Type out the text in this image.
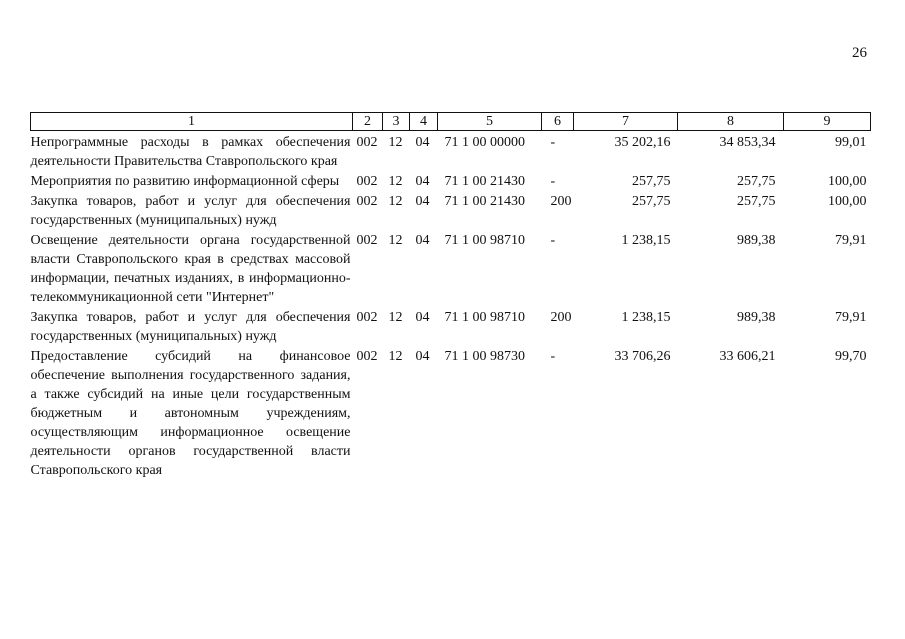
26
1	2	3	4	5	6	7	8	9
Непрограммные расходы в рамках обеспечения деятельности Правительства Ставропольского края	002	12	04	71 1 00 00000	-	35 202,16	34 853,34	99,01
Мероприятия по развитию информационной сферы	002	12	04	71 1 00 21430	-	257,75	257,75	100,00
Закупка товаров, работ и услуг для обеспечения государственных (муниципальных) нужд	002	12	04	71 1 00 21430	200	257,75	257,75	100,00
Освещение деятельности органа государственной власти Ставропольского края в средствах массовой информации, печатных изданиях, в информационно-телекоммуникационной сети "Интернет"	002	12	04	71 1 00 98710	-	1 238,15	989,38	79,91
Закупка товаров, работ и услуг для обеспечения государственных (муниципальных) нужд	002	12	04	71 1 00 98710	200	1 238,15	989,38	79,91
Предоставление субсидий на финансовое обеспечение выполнения государственного задания, а также субсидий на иные цели государственным бюджетным и автономным учреждениям, осуществляющим информационное освещение деятельности органов государственной власти Ставропольского края	002	12	04	71 1 00 98730	-	33 706,26	33 606,21	99,70
